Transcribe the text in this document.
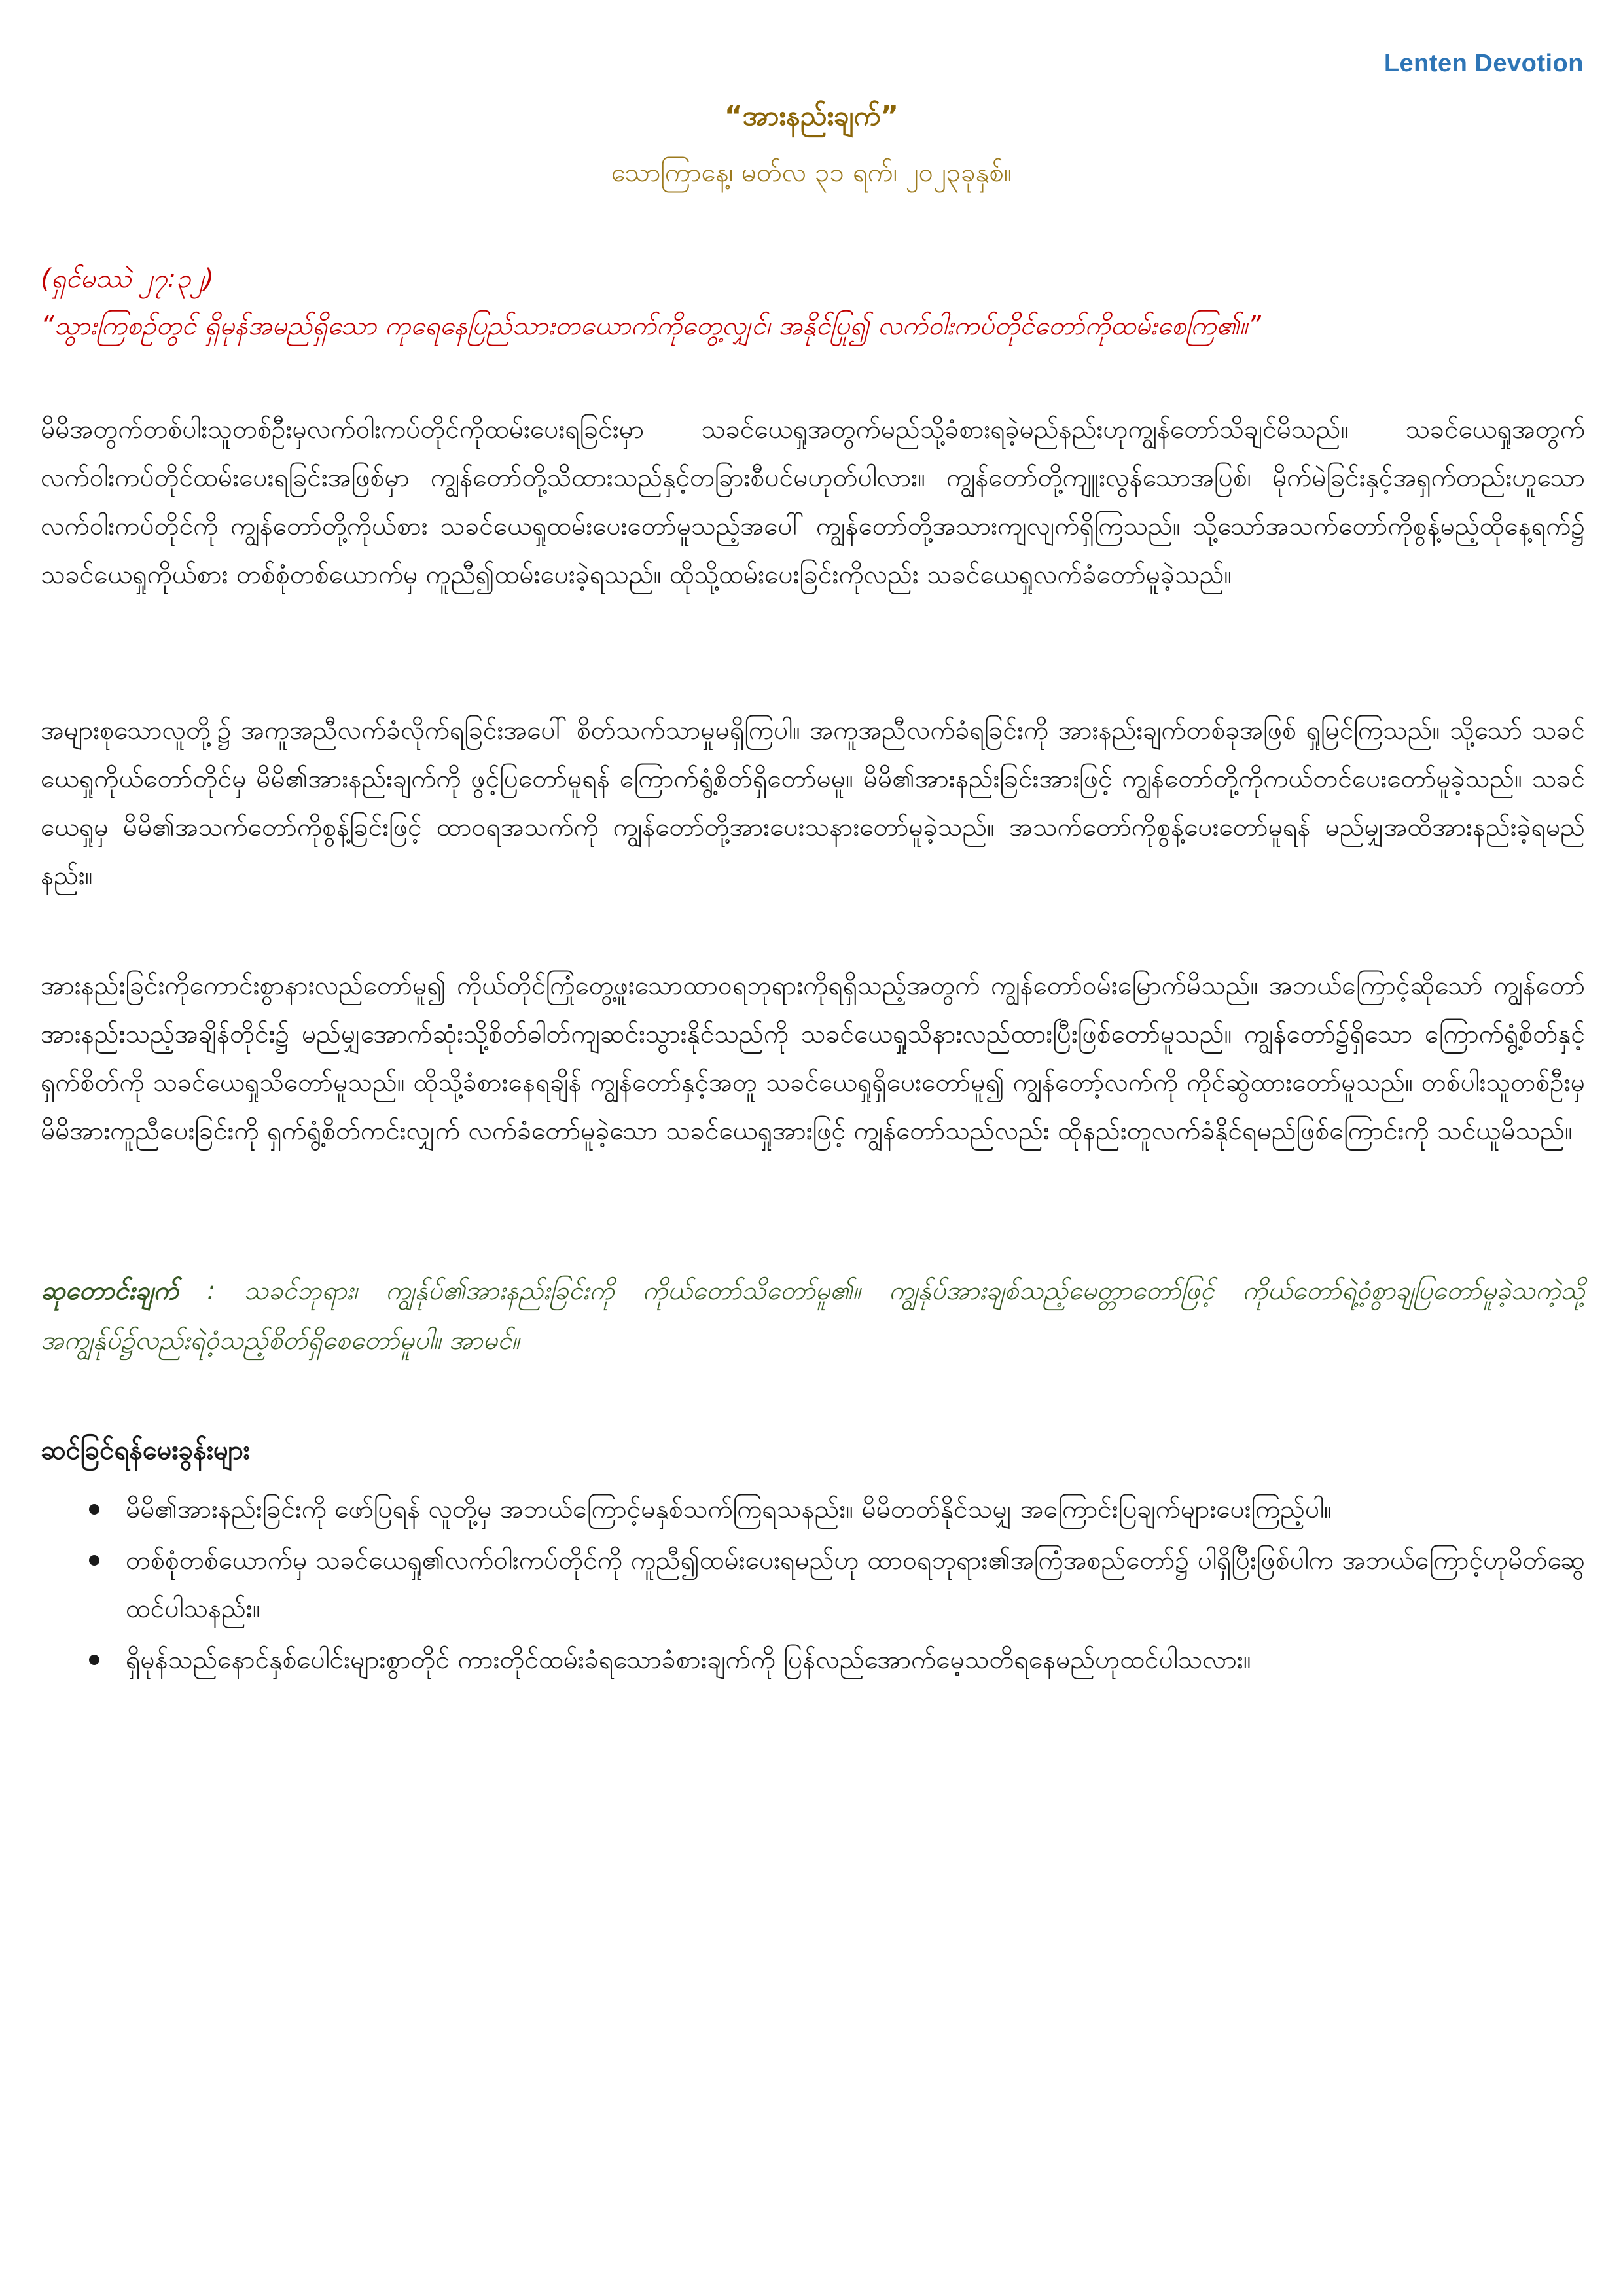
Lenten Devotion
“အားနည်းချက်”
သောကြာနေ့၊ မတ်လ ၃၁ ရက်၊ ၂၀၂၃ခုနှစ်။
(ရှင်မဿဲ ၂၇:၃၂)
“သွားကြစဉ်တွင် ရှိမုန်အမည်ရှိသော ကုရေနေပြည်သားတယောက်ကိုတွေ့လျှင်၊ အနိုင်ပြု၍ လက်ဝါးကပ်တိုင်တော်ကိုထမ်းစေကြ၏။”
မိမိအတွက်တစ်ပါးသူတစ်ဦးမှလက်ဝါးကပ်တိုင်ကိုထမ်းပေးရခြင်းမှာ သခင်ယေရှုအတွက်မည်သို့ခံစားရခဲ့မည်နည်းဟုကျွန်တော်သိချင်မိသည်။ သခင်ယေရှုအတွက် လက်ဝါးကပ်တိုင်ထမ်းပေးရခြင်းအဖြစ်မှာ ကျွန်တော်တို့သိထားသည်နှင့်တခြားစီပင်မဟုတ်ပါလား။ ကျွန်တော်တို့ကျူးလွန်သောအပြစ်၊ မိုက်မဲခြင်းနှင့်အရှက်တည်းဟူသော လက်ဝါးကပ်တိုင်ကို ကျွန်တော်တို့ကိုယ်စား သခင်ယေရှုထမ်းပေးတော်မူသည့်အပေါ် ကျွန်တော်တို့အသားကျလျက်ရှိကြသည်။ သို့သော်အသက်တော်ကိုစွန့်မည့်ထိုနေ့ရက်၌ သခင်ယေရှုကိုယ်စား တစ်စုံတစ်ယောက်မှ ကူညီ၍ထမ်းပေးခဲ့ရသည်။ ထိုသို့ထမ်းပေးခြင်းကိုလည်း သခင်ယေရှုလက်ခံတော်မူခဲ့သည်။
အများစုသောလူတို့၌ အကူအညီလက်ခံလိုက်ရခြင်းအပေါ် စိတ်သက်သာမှုမရှိကြပါ။ အကူအညီလက်ခံရခြင်းကို အားနည်းချက်တစ်ခုအဖြစ် ရှုမြင်ကြသည်။ သို့သော် သခင်ယေရှုကိုယ်တော်တိုင်မှ မိမိ၏အားနည်းချက်ကို ဖွင့်ပြတော်မူရန် ကြောက်ရွံ့စိတ်ရှိတော်မမူ။ မိမိ၏အားနည်းခြင်းအားဖြင့် ကျွန်တော်တို့ကိုကယ်တင်ပေးတော်မူခဲ့သည်။ သခင်ယေရှုမှ မိမိ၏အသက်တော်ကိုစွန့်ခြင်းဖြင့် ထာဝရအသက်ကို ကျွန်တော်တို့အားပေးသနားတော်မူခဲ့သည်။ အသက်တော်ကိုစွန့်ပေးတော်မူရန် မည်မျှအထိအားနည်းခဲ့ရမည်နည်း။
အားနည်းခြင်းကိုကောင်းစွာနားလည်တော်မူ၍ ကိုယ်တိုင်ကြုံတွေ့ဖူးသောထာဝရဘုရားကိုရရှိသည့်အတွက် ကျွန်တော်ဝမ်းမြောက်မိသည်။ အဘယ်ကြောင့်ဆိုသော် ကျွန်တော်အားနည်းသည့်အချိန်တိုင်း၌ မည်မျှအောက်ဆုံးသို့စိတ်ဓါတ်ကျဆင်းသွားနိုင်သည်ကို သခင်ယေရှုသိနားလည်ထားပြီးဖြစ်တော်မူသည်။ ကျွန်တော်၌ရှိသော ကြောက်ရွံ့စိတ်နှင့်ရှက်စိတ်ကို သခင်ယေရှုသိတော်မူသည်။ ထိုသို့ခံစားနေရချိန် ကျွန်တော်နှင့်အတူ သခင်ယေရှုရှိပေးတော်မူ၍ ကျွန်တော့်လက်ကို ကိုင်ဆွဲထားတော်မူသည်။ တစ်ပါးသူတစ်ဦးမှ မိမိအားကူညီပေးခြင်းကို ရှက်ရွံ့စိတ်ကင်းလျှက် လက်ခံတော်မူခဲ့သော သခင်ယေရှုအားဖြင့် ကျွန်တော်သည်လည်း ထိုနည်းတူလက်ခံနိုင်ရမည်ဖြစ်ကြောင်းကို သင်ယူမိသည်။
ဆုတောင်းချက် : သခင်ဘုရား၊ ကျွန်ုပ်၏အားနည်းခြင်းကို ကိုယ်တော်သိတော်မူ၏။ ကျွန်ုပ်အားချစ်သည့်မေတ္တာတော်ဖြင့် ကိုယ်တော်ရဲ့ဝံ့စွာချပြတော်မူခဲ့သကဲ့သို့ အကျွန်ုပ်၌လည်းရဲဝံ့သည့်စိတ်ရှိစေတော်မူပါ။ အာမင်။
ဆင်ခြင်ရန်မေးခွန်းများ
မိမိ၏အားနည်းခြင်းကို ဖော်ပြရန် လူတို့မှ အဘယ်ကြောင့်မနှစ်သက်ကြရသနည်း။ မိမိတတ်နိုင်သမျှ အကြောင်းပြချက်များပေးကြည့်ပါ။
တစ်စုံတစ်ယောက်မှ သခင်ယေရှု၏လက်ဝါးကပ်တိုင်ကို ကူညီ၍ထမ်းပေးရမည်ဟု ထာဝရဘုရား၏အကြံအစည်တော်၌ ပါရှိပြီးဖြစ်ပါက အဘယ်ကြောင့်ဟုမိတ်ဆွေထင်ပါသနည်း။
ရှိမုန်သည်နောင်နှစ်ပေါင်းများစွာတိုင် ကားတိုင်ထမ်းခံရသောခံစားချက်ကို ပြန်လည်အောက်မေ့သတိရနေမည်ဟုထင်ပါသလား။
